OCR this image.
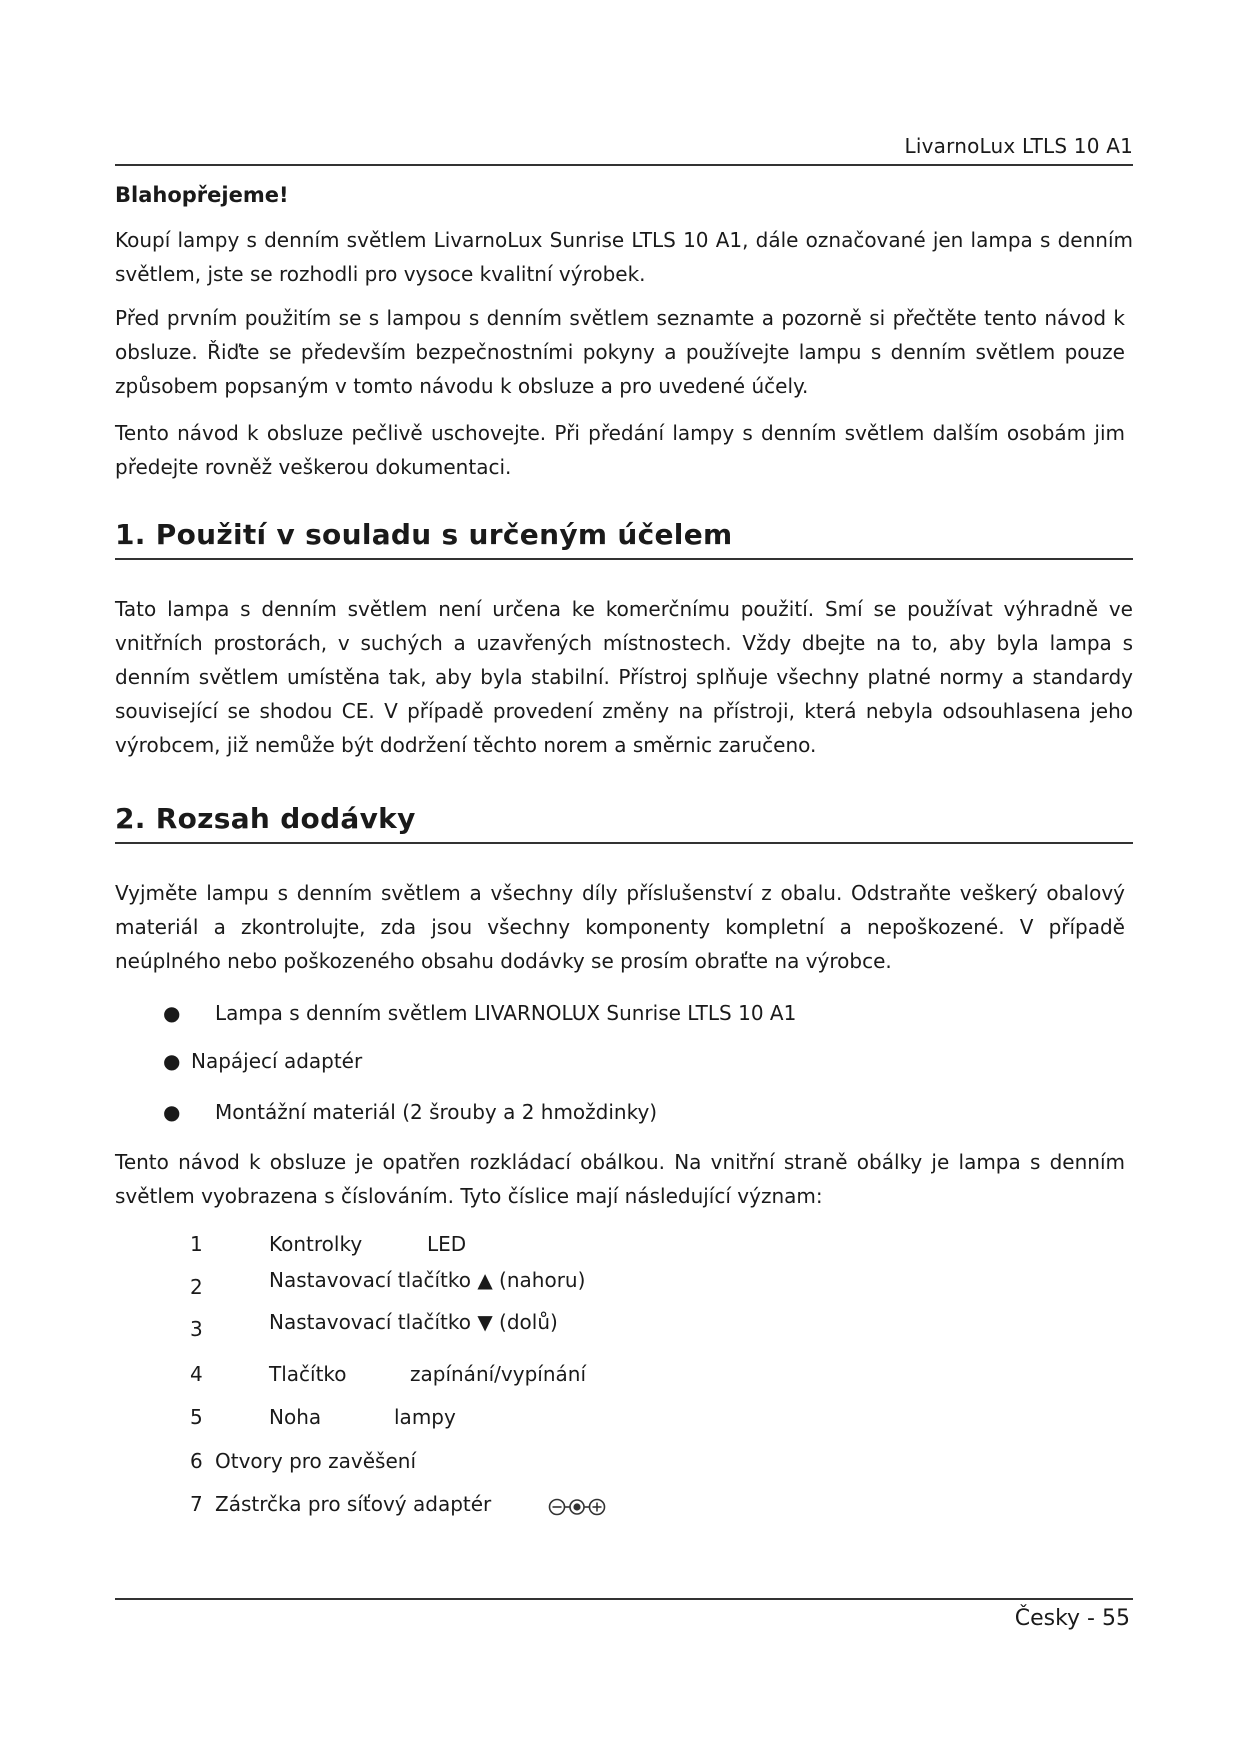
LivarnoLux LTLS 10 A1
Blahopřejeme!
Koupí lampy s denním světlem LivarnoLux Sunrise LTLS 10 A1, dále označované jen lampa s denním světlem, jste se rozhodli pro vysoce kvalitní výrobek.
Před prvním použitím se s lampou s denním světlem seznamte a pozorně si přečtěte tento návod k obsluze. Řiďte se především bezpečnostními pokyny a používejte lampu s denním světlem pouze způsobem popsaným v tomto návodu k obsluze a pro uvedené účely.
Tento návod k obsluze pečlivě uschovejte. Při předání lampy s denním světlem dalším osobám jim předejte rovněž veškerou dokumentaci.
1. Použití v souladu s určeným účelem
Tato lampa s denním světlem není určena ke komerčnímu použití. Smí se používat výhradně ve vnitřních prostorách, v suchých a uzavřených místnostech. Vždy dbejte na to, aby byla lampa s denním světlem umístěna tak, aby byla stabilní. Přístroj splňuje všechny platné normy a standardy související se shodou CE. V případě provedení změny na přístroji, která nebyla odsouhlasena jeho výrobcem, již nemůže být dodržení těchto norem a směrnic zaručeno.
2. Rozsah dodávky
Vyjměte lampu s denním světlem a všechny díly příslušenství z obalu. Odstraňte veškerý obalový materiál a zkontrolujte, zda jsou všechny komponenty kompletní a nepoškozené. V případě neúplného nebo poškozeného obsahu dodávky se prosím obraťte na výrobce.
● Lampa s denním světlem LIVARNOLUX Sunrise LTLS 10 A1
● Napájecí adaptér
● Montážní materiál (2 šrouby a 2 hmoždinky)
Tento návod k obsluze je opatřen rozkládací obálkou. Na vnitřní straně obálky je lampa s denním světlem vyobrazena s číslováním. Tyto číslice mají následující význam:
1	Kontrolky	LED
2	Nastavovací tlačítko ▲ (nahoru)
3	Nastavovací tlačítko ▼ (dolů)
4	Tlačítko	zapínání/vypínání
5	Noha	lampy
6 Otvory pro zavěšení
7 Zástrčka pro síťový adaptér
Česky - 55
